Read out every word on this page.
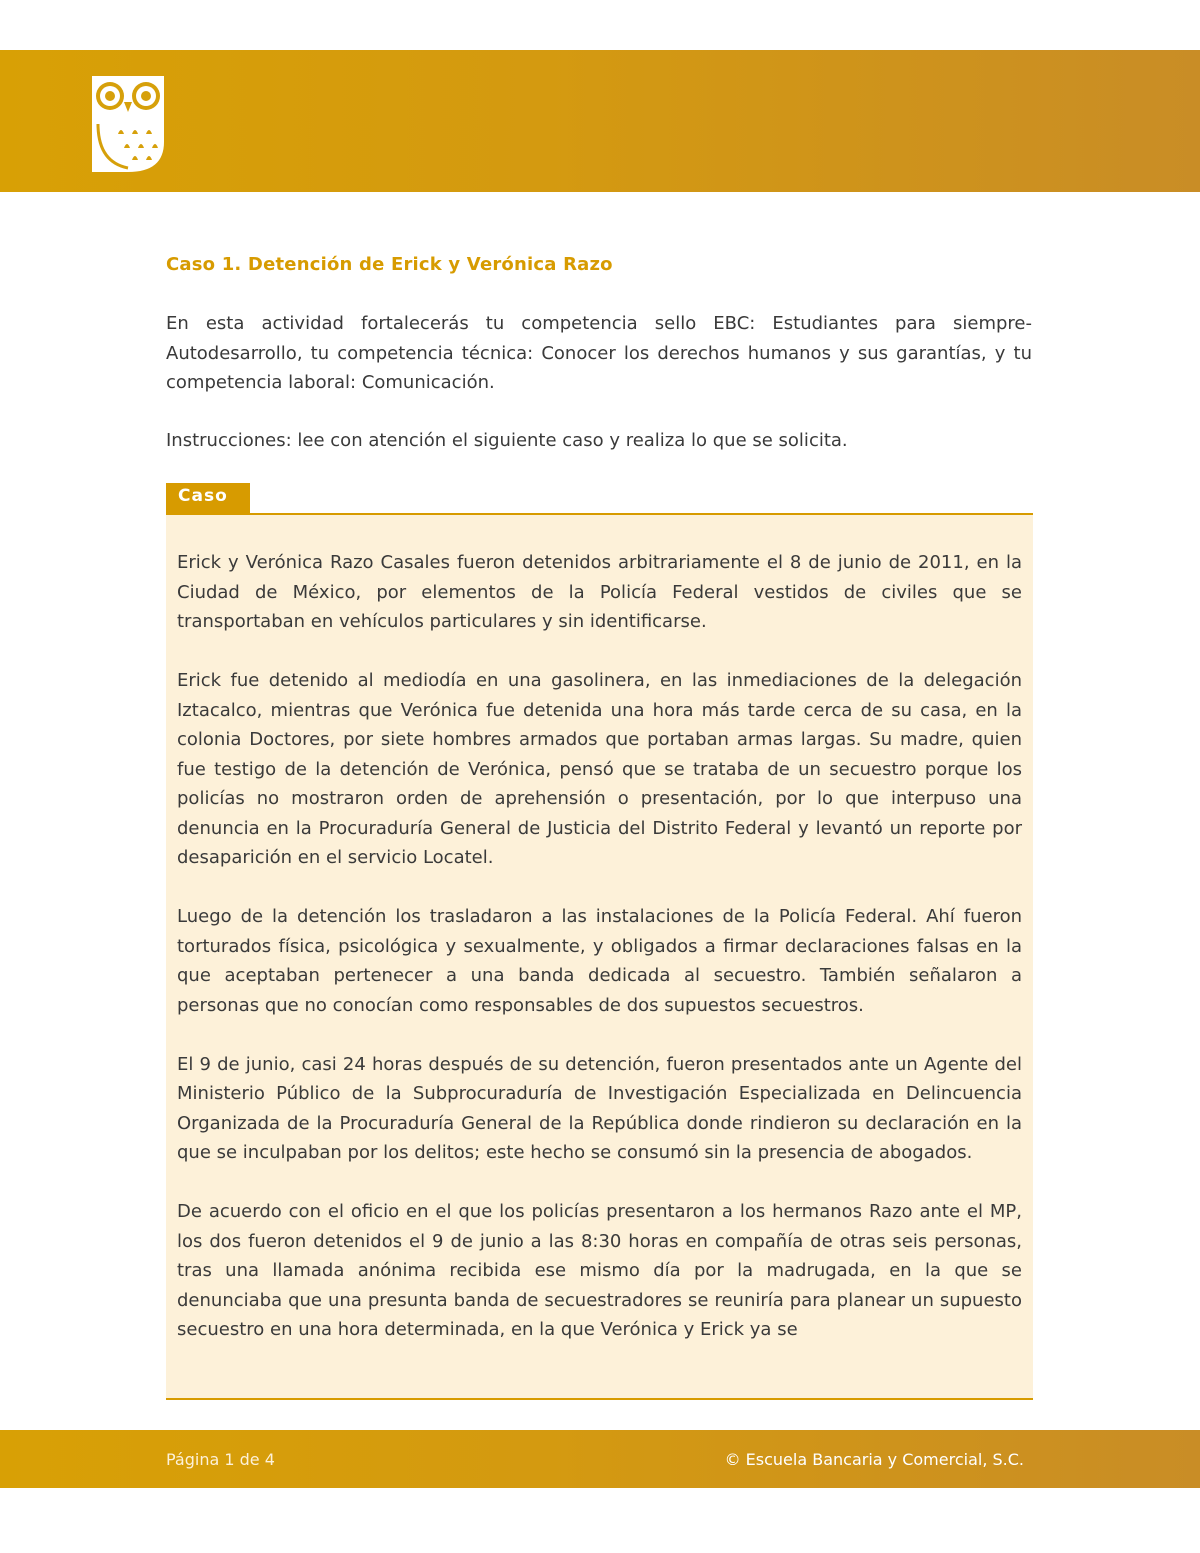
Caso 1. Detención de Erick y Verónica Razo

En esta actividad fortalecerás tu competencia sello EBC: Estudiantes para siempre-Autodesarrollo, tu competencia técnica: Conocer los derechos humanos y sus garantías, y tu competencia laboral: Comunicación.

Instrucciones: lee con atención el siguiente caso y realiza lo que se solicita.

Caso

Erick y Verónica Razo Casales fueron detenidos arbitrariamente el 8 de junio de 2011, en la Ciudad de México, por elementos de la Policía Federal vestidos de civiles que se transportaban en vehículos particulares y sin identificarse.

Erick fue detenido al mediodía en una gasolinera, en las inmediaciones de la delegación Iztacalco, mientras que Verónica fue detenida una hora más tarde cerca de su casa, en la colonia Doctores, por siete hombres armados que portaban armas largas. Su madre, quien fue testigo de la detención de Verónica, pensó que se trataba de un secuestro porque los policías no mostraron orden de aprehensión o presentación, por lo que interpuso una denuncia en la Procuraduría General de Justicia del Distrito Federal y levantó un reporte por desaparición en el servicio Locatel.

Luego de la detención los trasladaron a las instalaciones de la Policía Federal. Ahí fueron torturados física, psicológica y sexualmente, y obligados a firmar declaraciones falsas en la que aceptaban pertenecer a una banda dedicada al secuestro. También señalaron a personas que no conocían como responsables de dos supuestos secuestros.

El 9 de junio, casi 24 horas después de su detención, fueron presentados ante un Agente del Ministerio Público de la Subprocuraduría de Investigación Especializada en Delincuencia Organizada de la Procuraduría General de la República donde rindieron su declaración en la que se inculpaban por los delitos; este hecho se consumó sin la presencia de abogados.

De acuerdo con el oficio en el que los policías presentaron a los hermanos Razo ante el MP, los dos fueron detenidos el 9 de junio a las 8:30 horas en compañía de otras seis personas, tras una llamada anónima recibida ese mismo día por la madrugada, en la que se denunciaba que una presunta banda de secuestradores se reuniría para planear un supuesto secuestro en una hora determinada, en la que Verónica y Erick ya se

Página 1 de 4	© Escuela Bancaria y Comercial, S.C.
